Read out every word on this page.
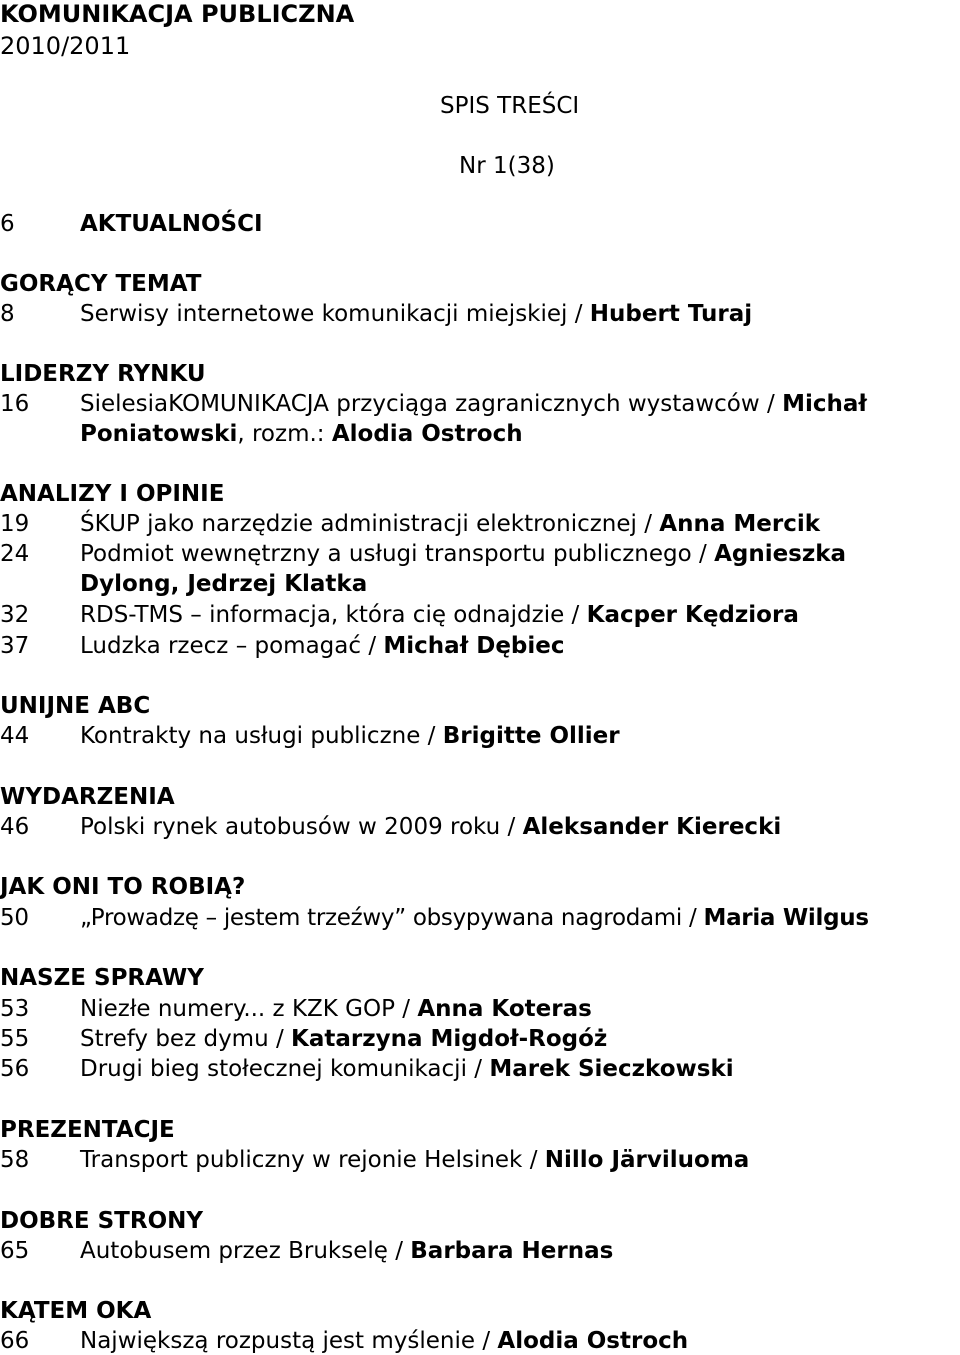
KOMUNIKACJA PUBLICZNA
2010/2011
SPIS TREŚCI
Nr 1(38)
6	AKTUALNOŚCI
GORĄCY TEMAT
8	Serwisy internetowe komunikacji miejskiej / Hubert Turaj
LIDERZY RYNKU
16 SielesiaKOMUNIKACJA przyciąga zagranicznych wystawców / Michał
Poniatowski, rozm.: Alodia Ostroch
ANALIZY I OPINIE
19 ŚKUP jako narzędzie administracji elektronicznej / Anna Mercik
24 Podmiot wewnętrzny a usługi transportu publicznego / Agnieszka
Dylong, Jedrzej Klatka
32 RDS-TMS – informacja, która cię odnajdzie / Kacper Kędziora
37 Ludzka rzecz – pomagać / Michał Dębiec
UNIJNE ABC
44 Kontrakty na usługi publiczne / Brigitte Ollier
WYDARZENIA
46 Polski rynek autobusów w 2009 roku / Aleksander Kierecki
JAK ONI TO ROBIĄ?
50 „Prowadzę – jestem trzeźwy” obsypywana nagrodami / Maria Wilgus
NASZE SPRAWY
53 Niezłe numery... z KZK GOP / Anna Koteras
55 Strefy bez dymu / Katarzyna Migdoł-Rogóż
56 Drugi bieg stołecznej komunikacji / Marek Sieczkowski
PREZENTACJE
58 Transport publiczny w rejonie Helsinek / Nillo Järviluoma
DOBRE STRONY
65 Autobusem przez Brukselę / Barbara Hernas
KĄTEM OKA
66 Największą rozpustą jest myślenie / Alodia Ostroch
